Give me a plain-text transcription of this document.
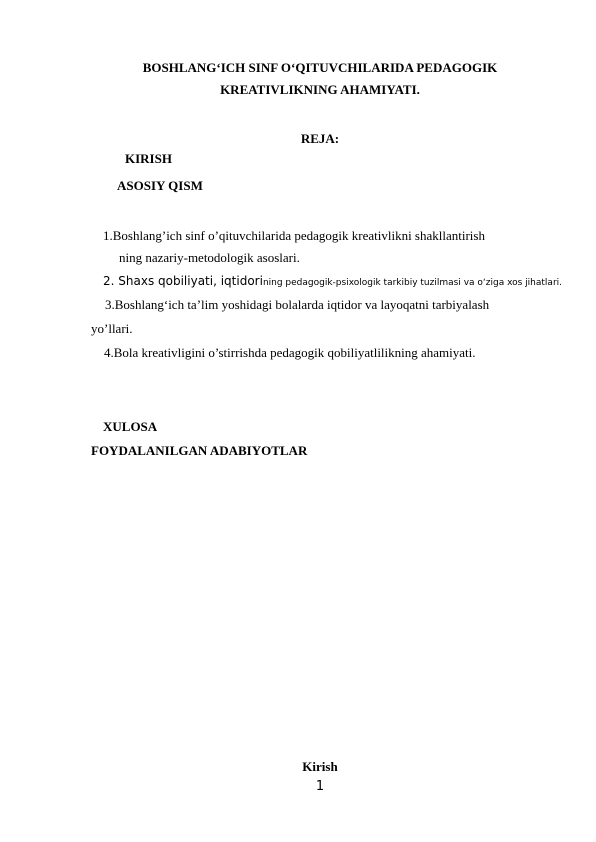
BOSHLANG‘ICH SINF O‘QITUVCHILARIDA PEDAGOGIK
KREATIVLIKNING AHAMIYATI.
REJA:
KIRISH
ASOSIY QISM
1.Boshlang’ich sinf o’qituvchilarida pedagogik kreativlikni shakllantirish
ning nazariy-metodologik asoslari.
2. Shaxs qobiliyati, iqtidorining pedagogik-psixologik tarkibiy tuzilmasi va o‘ziga xos jihatlari.
3.Boshlang‘ich ta’lim yoshidagi bolalarda iqtidor va layoqatni tarbiyalash
yo’llari.
4.Bola kreativligini o’stirrishda pedagogik qobiliyatlilikning ahamiyati.
XULOSA
FOYDALANILGAN ADABIYOTLAR
Kirish
1
